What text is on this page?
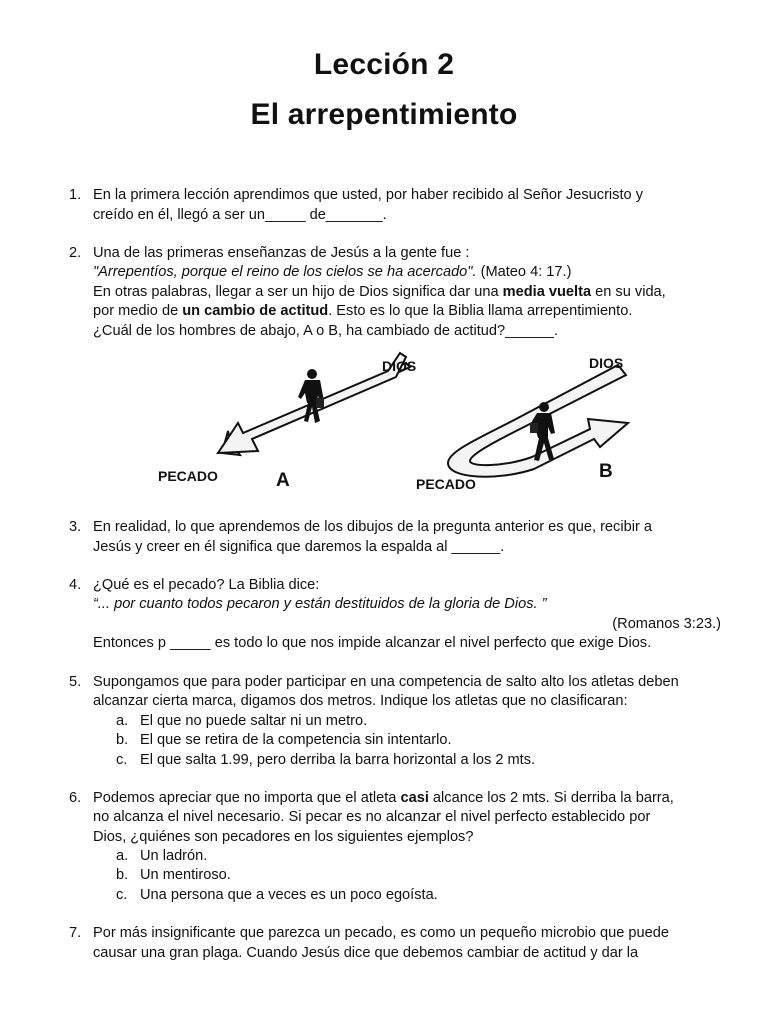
Lección 2
El arrepentimiento
1. En la primera lección aprendimos que usted, por haber recibido al Señor Jesucristo y
creído en él, llegó a ser un_____ de_______.
2. Una de las primeras enseñanzas de Jesús a la gente fue :
"Arrepentíos, porque el reino de los cielos se ha acercado". (Mateo 4: 17.)
En otras palabras, llegar a ser un hijo de Dios significa dar una media vuelta en su vida,
por medio de un cambio de actitud. Esto es lo que la Biblia llama arrepentimiento.
¿Cuál de los hombres de abajo, A o B, ha cambiado de actitud?______.
DIOS
PECADO	A
DIOS
PECADO
B
3. En realidad, lo que aprendemos de los dibujos de la pregunta anterior es que, recibir a
Jesús y creer en él significa que daremos la espalda al ______.
4. ¿Qué es el pecado? La Biblia dice:
“... por cuanto todos pecaron y están destituidos de la gloria de Dios. ”
(Romanos 3:23.)
Entonces p _____ es todo lo que nos impide alcanzar el nivel perfecto que exige Dios.
5. Supongamos que para poder participar en una competencia de salto alto los atletas deben
alcanzar cierta marca, digamos dos metros. Indique los atletas que no clasificaran:
a. El que no puede saltar ni un metro.
b. El que se retira de la competencia sin intentarlo.
c. El que salta 1.99, pero derriba la barra horizontal a los 2 mts.
6. Podemos apreciar que no importa que el atleta casi alcance los 2 mts. Si derriba la barra,
no alcanza el nivel necesario. Si pecar es no alcanzar el nivel perfecto establecido por
Dios, ¿quiénes son pecadores en los siguientes ejemplos?
a. Un ladrón.
b. Un mentiroso.
c. Una persona que a veces es un poco egoísta.
7. Por más insignificante que parezca un pecado, es como un pequeño microbio que puede
causar una gran plaga. Cuando Jesús dice que debemos cambiar de actitud y dar la
